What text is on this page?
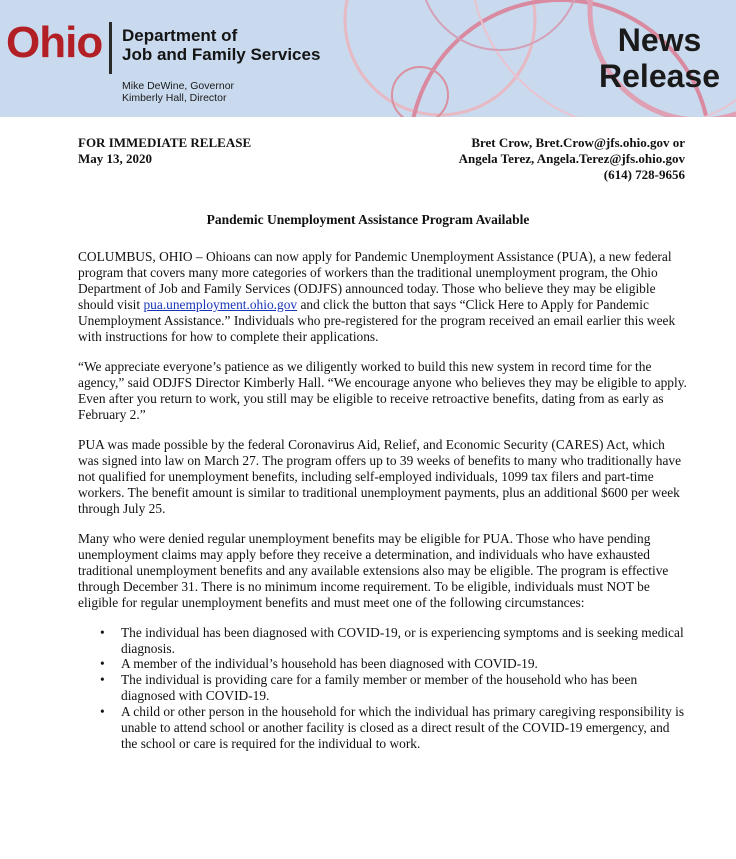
Ohio Department of
Job and Family Services
Mike DeWine, Governor
Kimberly Hall, Director
News
Release
FOR IMMEDIATE RELEASE
May 13, 2020
Bret Crow, Bret.Crow@jfs.ohio.gov or
Angela Terez, Angela.Terez@jfs.ohio.gov
(614) 728-9656
Pandemic Unemployment Assistance Program Available

COLUMBUS, OHIO – Ohioans can now apply for Pandemic Unemployment Assistance (PUA), a new federal program that covers many more categories of workers than the traditional unemployment program, the Ohio Department of Job and Family Services (ODJFS) announced today. Those who believe they may be eligible should visit pua.unemployment.ohio.gov and click the button that says “Click Here to Apply for Pandemic Unemployment Assistance.” Individuals who pre-registered for the program received an email earlier this week with instructions for how to complete their applications.

“We appreciate everyone’s patience as we diligently worked to build this new system in record time for the agency,” said ODJFS Director Kimberly Hall. “We encourage anyone who believes they may be eligible to apply. Even after you return to work, you still may be eligible to receive retroactive benefits, dating from as early as February 2.”

PUA was made possible by the federal Coronavirus Aid, Relief, and Economic Security (CARES) Act, which was signed into law on March 27. The program offers up to 39 weeks of benefits to many who traditionally have not qualified for unemployment benefits, including self-employed individuals, 1099 tax filers and part-time workers. The benefit amount is similar to traditional unemployment payments, plus an additional $600 per week through July 25.

Many who were denied regular unemployment benefits may be eligible for PUA. Those who have pending unemployment claims may apply before they receive a determination, and individuals who have exhausted traditional unemployment benefits and any available extensions also may be eligible. The program is effective through December 31. There is no minimum income requirement. To be eligible, individuals must NOT be eligible for regular unemployment benefits and must meet one of the following circumstances:

• The individual has been diagnosed with COVID-19, or is experiencing symptoms and is seeking medical diagnosis.
• A member of the individual’s household has been diagnosed with COVID-19.
• The individual is providing care for a family member or member of the household who has been diagnosed with COVID-19.
• A child or other person in the household for which the individual has primary caregiving responsibility is unable to attend school or another facility is closed as a direct result of the COVID-19 emergency, and the school or care is required for the individual to work.
